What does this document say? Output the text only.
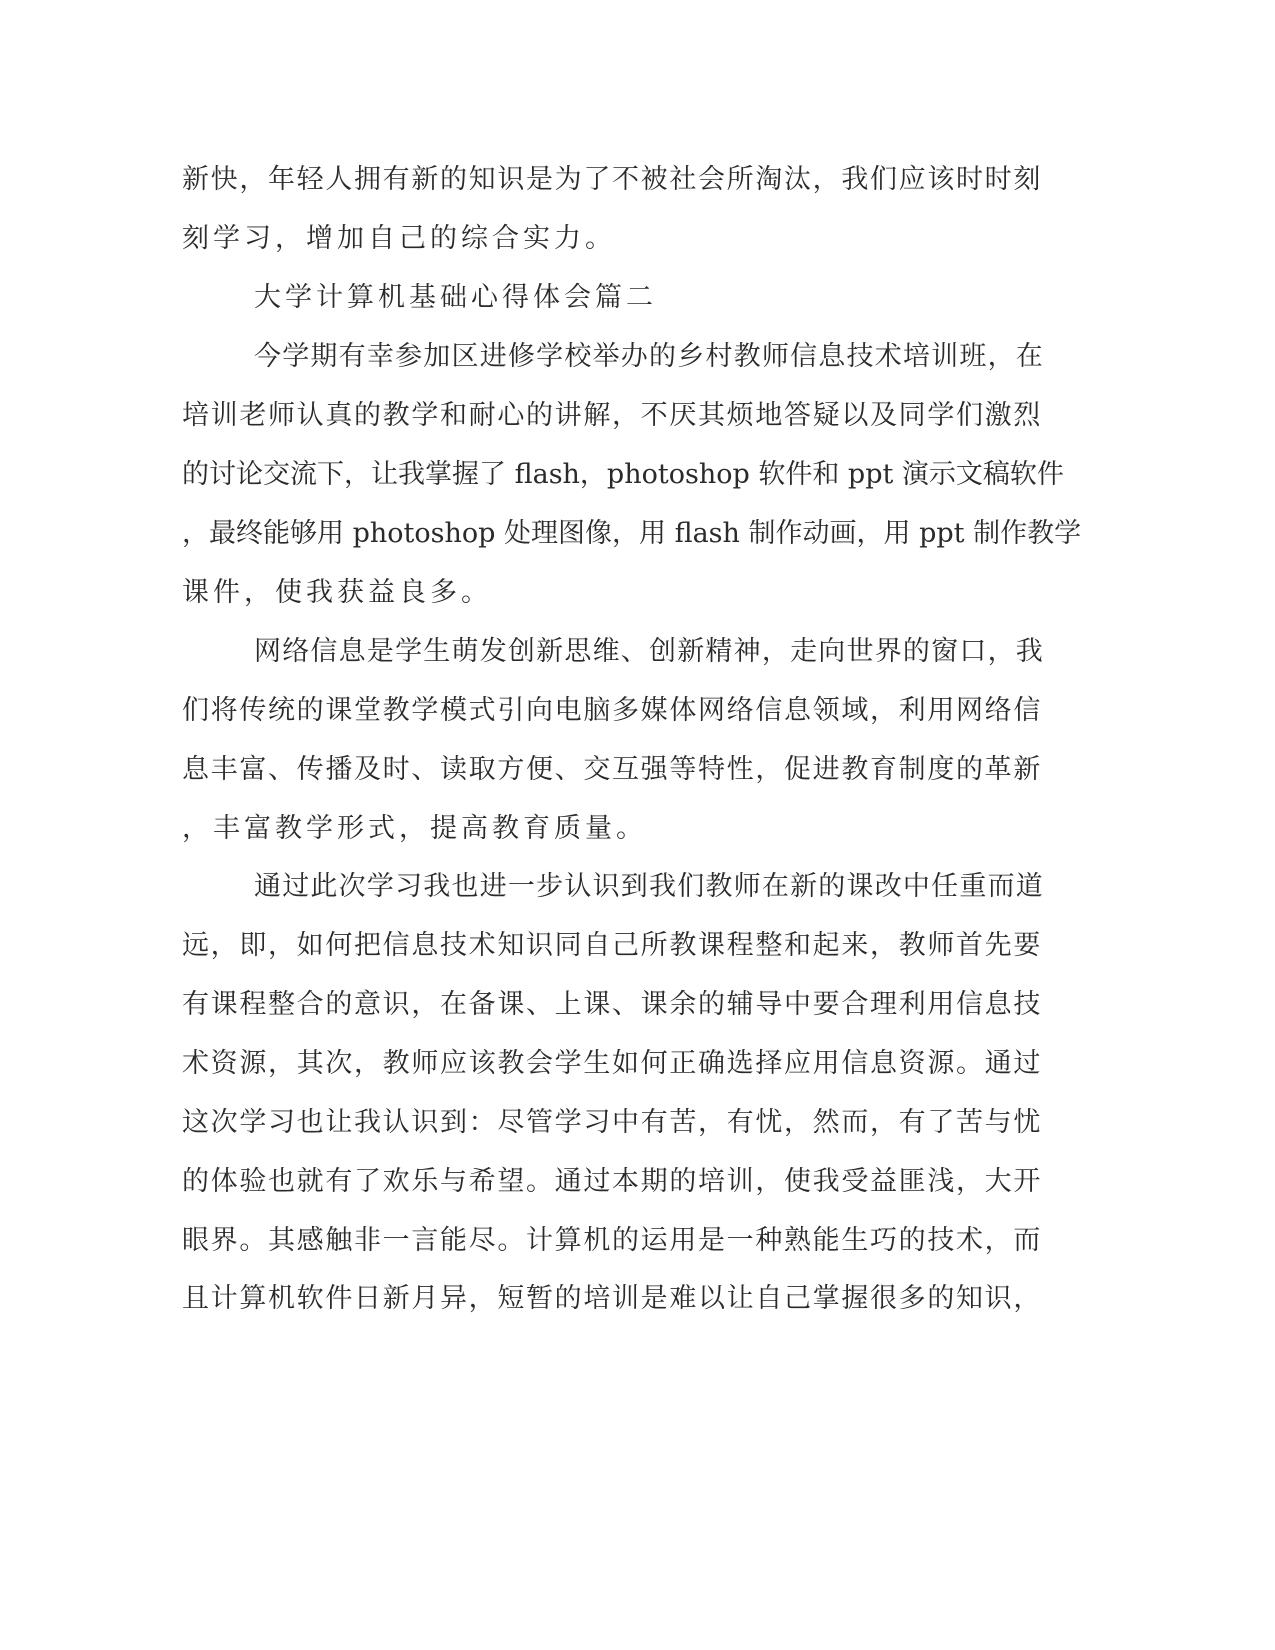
新快，年轻人拥有新的知识是为了不被社会所淘汰，我们应该时时刻
刻学习，增加自己的综合实力。
大学计算机基础心得体会篇二
今学期有幸参加区进修学校举办的乡村教师信息技术培训班，在
培训老师认真的教学和耐心的讲解，不厌其烦地答疑以及同学们激烈
的讨论交流下，让我掌握了 flash，photoshop 软件和 ppt 演示文稿软件
，最终能够用 photoshop 处理图像，用 flash 制作动画，用 ppt 制作教学
课件，使我获益良多。
网络信息是学生萌发创新思维、创新精神，走向世界的窗口，我
们将传统的课堂教学模式引向电脑多媒体网络信息领域，利用网络信
息丰富、传播及时、读取方便、交互强等特性，促进教育制度的革新
，丰富教学形式，提高教育质量。
通过此次学习我也进一步认识到我们教师在新的课改中任重而道
远，即，如何把信息技术知识同自己所教课程整和起来，教师首先要
有课程整合的意识，在备课、上课、课余的辅导中要合理利用信息技
术资源，其次，教师应该教会学生如何正确选择应用信息资源。通过
这次学习也让我认识到：尽管学习中有苦，有忧，然而，有了苦与忧
的体验也就有了欢乐与希望。通过本期的培训，使我受益匪浅，大开
眼界。其感触非一言能尽。计算机的运用是一种熟能生巧的技术，而
且计算机软件日新月异，短暂的培训是难以让自己掌握很多的知识，
